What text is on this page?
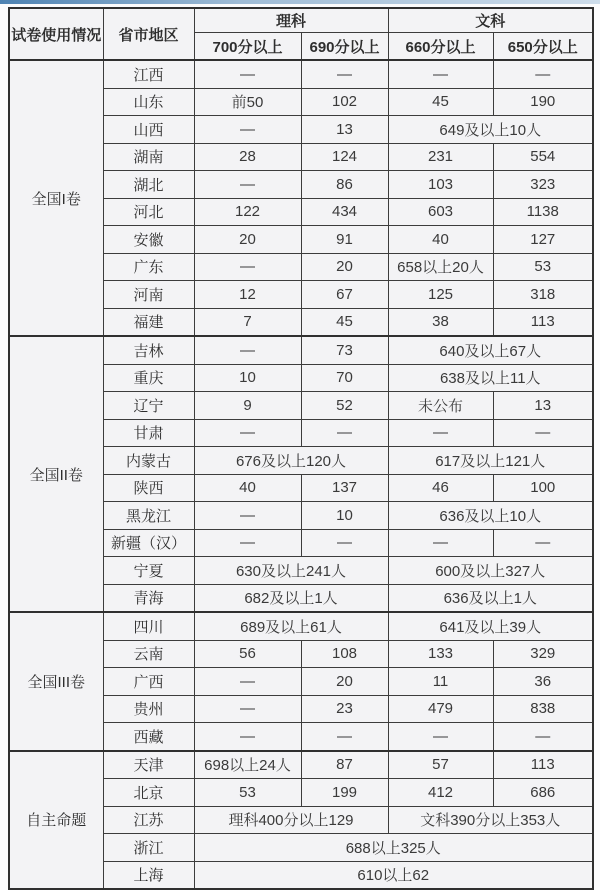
试卷使用情况	省市地区	理科		文科	
		700分以上	690分以上	660分以上	650分以上
全国I卷	江西	—	—	—	—
	山东	前50	102	45	190
	山西	—	13	649及以上10人	
	湖南	28	124	231	554
	湖北	—	86	103	323
	河北	122	434	603	1138
	安徽	20	91	40	127
	广东	—	20	658以上20人	53
	河南	12	67	125	318
	福建	7	45	38	113
全国II卷	吉林	—	73	640及以上67人	
	重庆	10	70	638及以上11人	
	辽宁	9	52	未公布	13
	甘肃	—	—	—	—
	内蒙古	676及以上120人		617及以上121人	
	陕西	40	137	46	100
	黑龙江	—	10	636及以上10人	
	新疆（汉）	—	—	—	—
	宁夏	630及以上241人		600及以上327人	
	青海	682及以上1人		636及以上1人	
全国III卷	四川	689及以上61人		641及以上39人	
	云南	56	108	133	329
	广西	—	20	11	36
	贵州	—	23	479	838
	西藏	—	—	—	—
自主命题	天津	698以上24人	87	57	113
	北京	53	199	412	686
	江苏	理科400分以上129		文科390分以上353人	
	浙江	688以上325人			
	上海	610以上62			
